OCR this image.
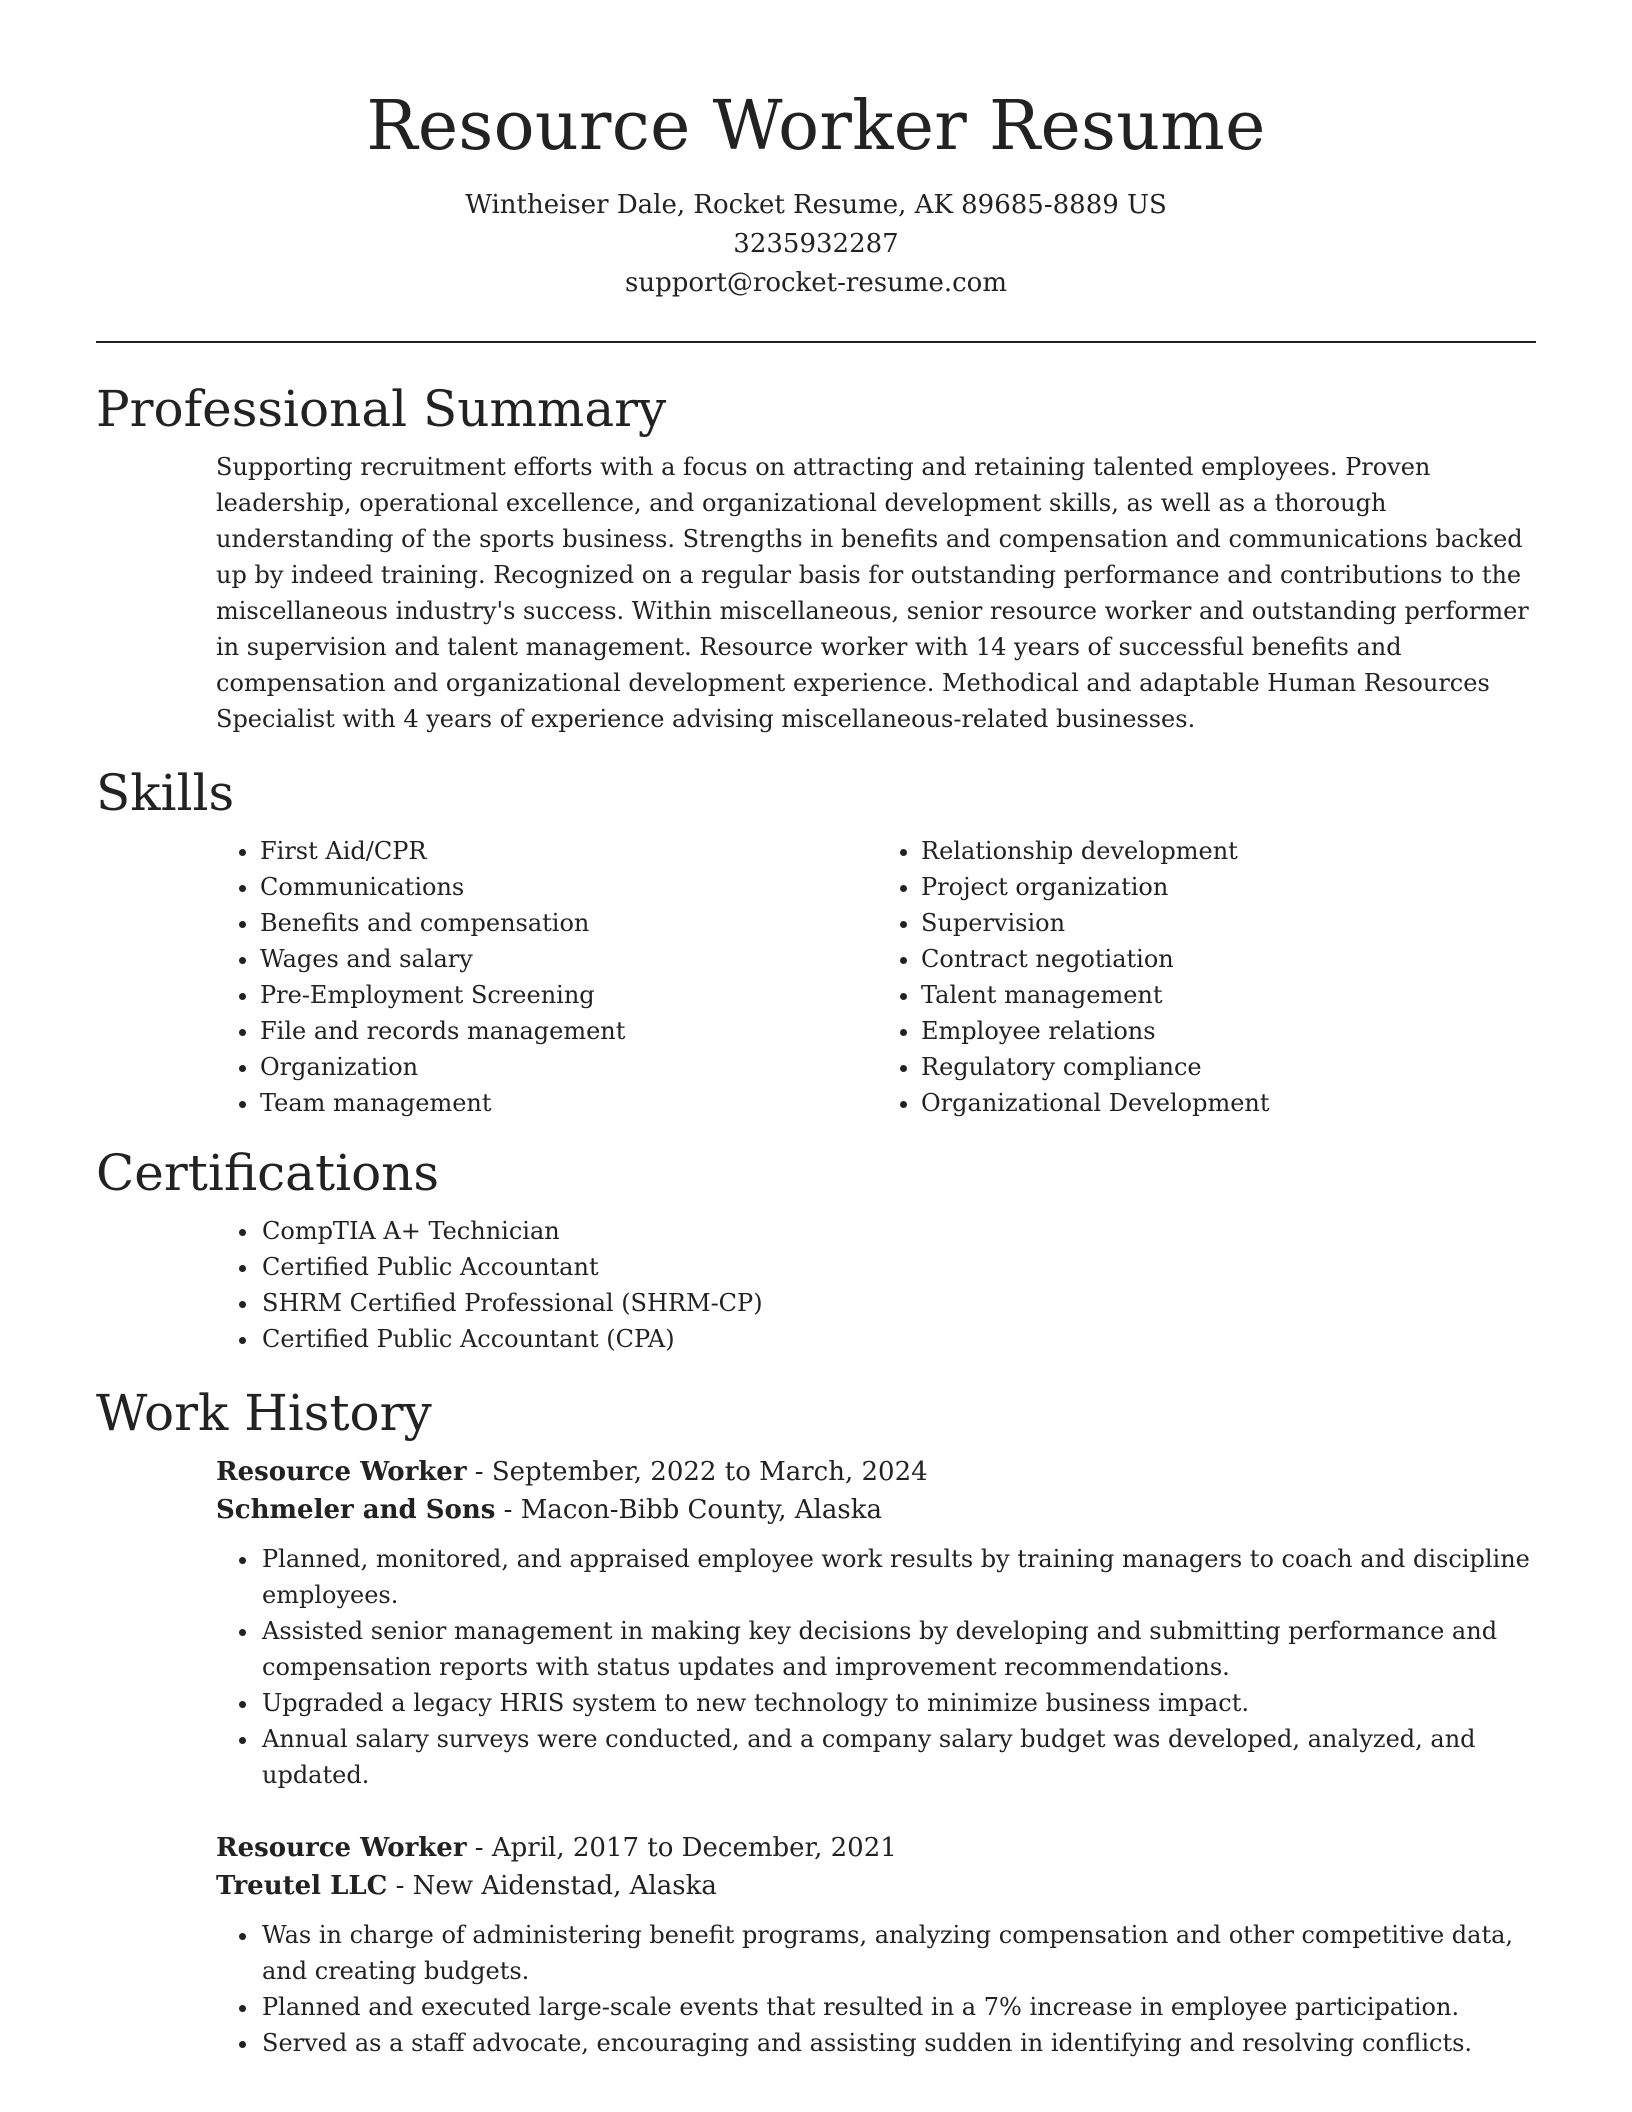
Resource Worker Resume
Wintheiser Dale, Rocket Resume, AK 89685-8889 US
3235932287
support@rocket-resume.com
Professional Summary

Supporting recruitment efforts with a focus on attracting and retaining talented employees. Proven leadership, operational excellence, and organizational development skills, as well as a thorough understanding of the sports business. Strengths in benefits and compensation and communications backed up by indeed training. Recognized on a regular basis for outstanding performance and contributions to the miscellaneous industry's success. Within miscellaneous, senior resource worker and outstanding performer in supervision and talent management. Resource worker with 14 years of successful benefits and compensation and organizational development experience. Methodical and adaptable Human Resources Specialist with 4 years of experience advising miscellaneous-related businesses.

Skills
• First Aid/CPR
• Communications
• Benefits and compensation
• Wages and salary
• Pre-Employment Screening
• File and records management
• Organization
• Team management
• Relationship development
• Project organization
• Supervision
• Contract negotiation
• Talent management
• Employee relations
• Regulatory compliance
• Organizational Development
Certifications
• CompTIA A+ Technician
• Certified Public Accountant
• SHRM Certified Professional (SHRM-CP)
• Certified Public Accountant (CPA)
Work History
Resource Worker - September, 2022 to March, 2024
Schmeler and Sons - Macon-Bibb County, Alaska
• Planned, monitored, and appraised employee work results by training managers to coach and discipline employees.
• Assisted senior management in making key decisions by developing and submitting performance and compensation reports with status updates and improvement recommendations.
• Upgraded a legacy HRIS system to new technology to minimize business impact.
• Annual salary surveys were conducted, and a company salary budget was developed, analyzed, and updated.
Resource Worker - April, 2017 to December, 2021
Treutel LLC - New Aidenstad, Alaska
• Was in charge of administering benefit programs, analyzing compensation and other competitive data, and creating budgets.
• Planned and executed large-scale events that resulted in a 7% increase in employee participation.
• Served as a staff advocate, encouraging and assisting sudden in identifying and resolving conflicts.
